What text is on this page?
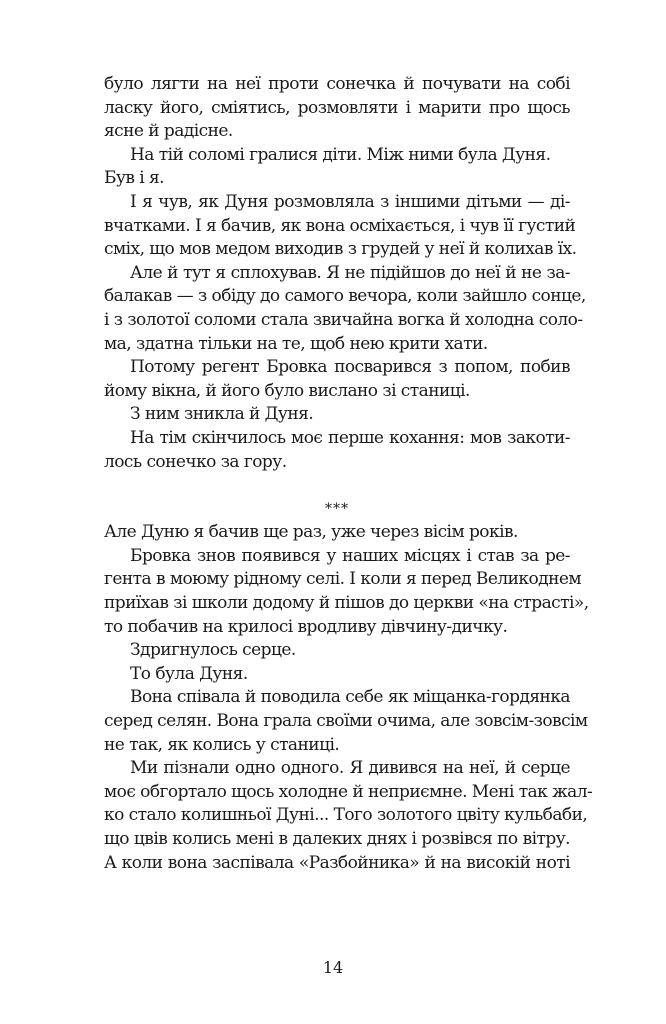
було лягти на неї проти сонечка й почувати на собі
ласку його, сміятись, розмовляти і марити про щось
ясне й радісне.
На тій соломі гралися діти. Між ними була Дуня.
Був і я.
І я чув, як Дуня розмовляла з іншими дітьми — ді-
вчатками. І я бачив, як вона осміхається, і чув її густий
сміх, що мов медом виходив з грудей у неї й колихав їх.
Але й тут я сплохував. Я не підійшов до неї й не за-
балакав — з обіду до самого вечора, коли зайшло сонце,
і з золотої соломи стала звичайна вогка й холодна соло-
ма, здатна тільки на те, щоб нею крити хати.
Потому регент Бровка посварився з попом, побив
йому вікна, й його було вислано зі станиці.
З ним зникла й Дуня.
На тім скінчилось моє перше кохання: мов закоти-
лось сонечко за гору.
***
Але Дуню я бачив ще раз, уже через вісім років.
Бровка знов появився у наших місцях і став за ре-
гента в моюму рідному селі. І коли я перед Великоднем
приїхав зі школи додому й пішов до церкви «на страсті»,
то побачив на крилосі вродливу дівчину-дичку.
Здригнулось серце.
То була Дуня.
Вона співала й поводила себе як міщанка-гордянка
серед селян. Вона грала своїми очима, але зовсім-зовсім
не так, як колись у станиці.
Ми пізнали одно одного. Я дивився на неї, й серце
моє обгортало щось холодне й неприємне. Мені так жал-
ко стало колишньої Дуні... Того золотого цвіту кульбаби,
що цвів колись мені в далеких днях і розвівся по вітру.
А коли вона заспівала «Разбойника» й на високій ноті
14
